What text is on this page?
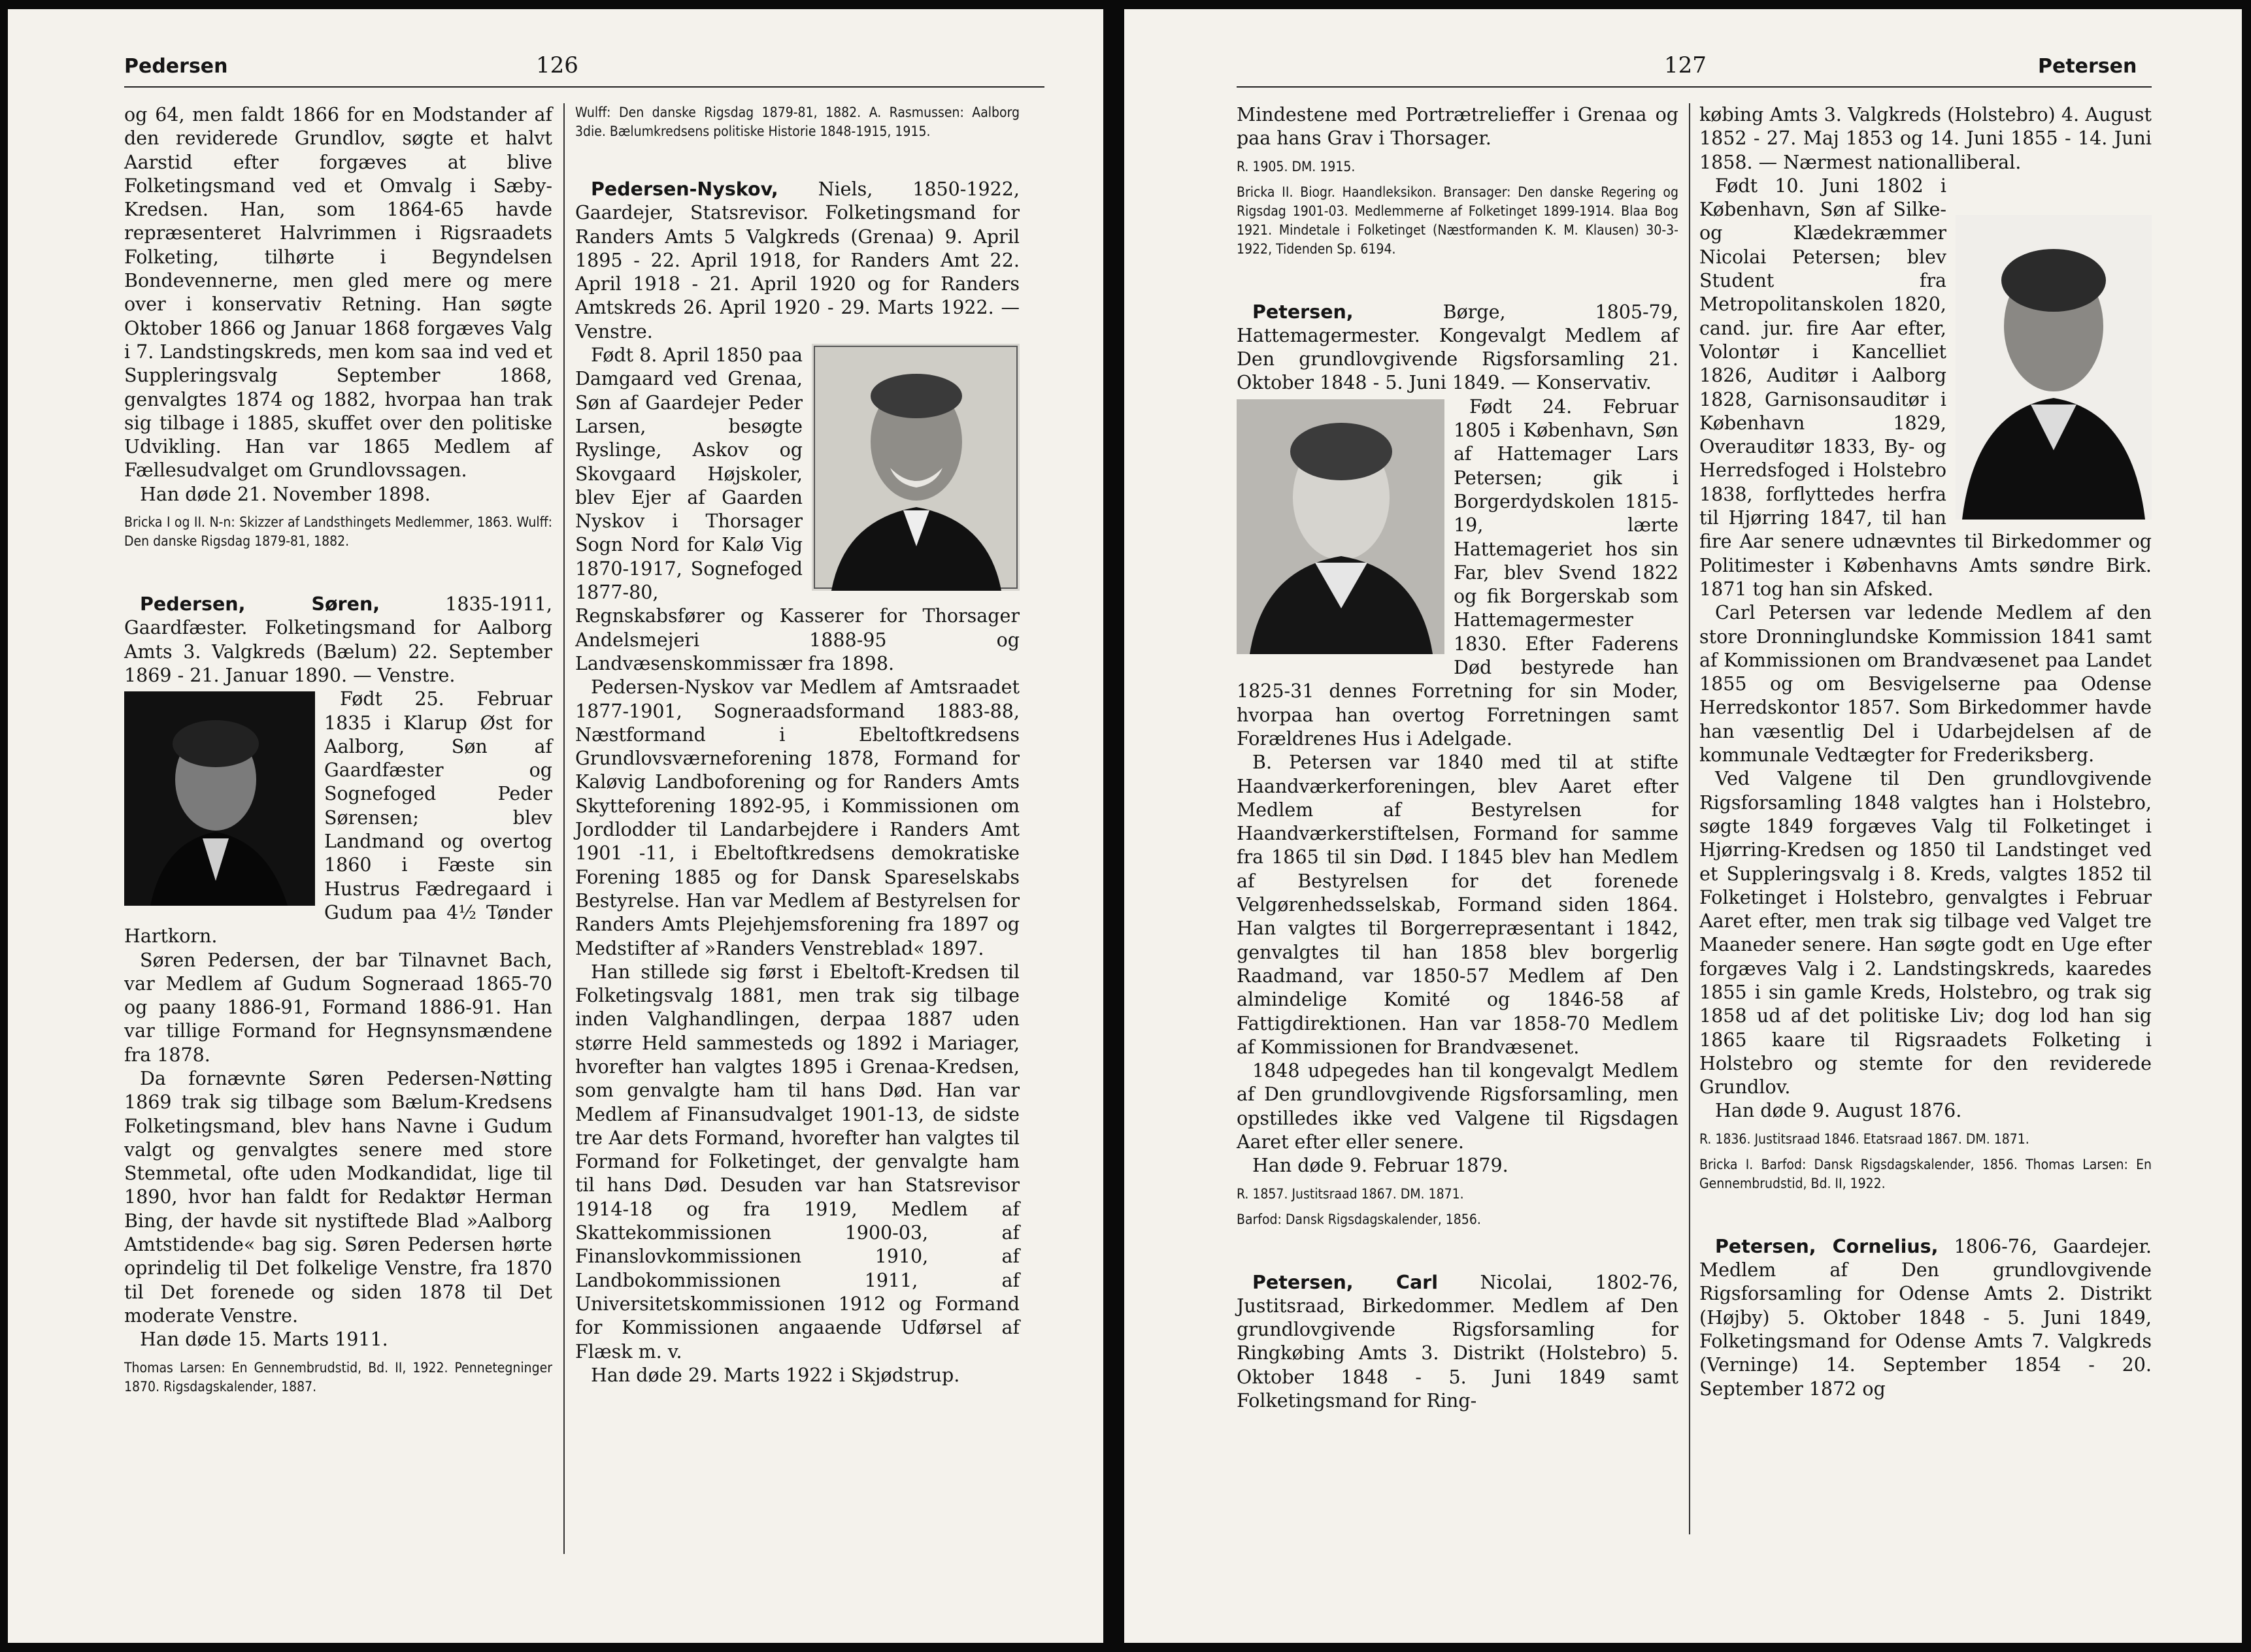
Pedersen	126

og 64, men faldt 1866 for en Modstander af den reviderede Grundlov, søgte et halvt Aarstid efter forgæves at blive Folketingsmand ved et Omvalg i Sæby-Kredsen. Han, som 1864-65 havde repræsenteret Halvrimmen i Rigsraadets Folketing, tilhørte i Begyndelsen Bondevennerne, men gled mere og mere over i konservativ Retning. Han søgte Oktober 1866 og Januar 1868 forgæves Valg i 7. Landstingskreds, men kom saa ind ved et Suppleringsvalg September 1868, genvalgtes 1874 og 1882, hvorpaa han trak sig tilbage i 1885, skuffet over den politiske Udvikling. Han var 1865 Medlem af Fællesudvalget om Grundlovssagen.

Han døde 21. November 1898.

Bricka I og II. N-n: Skizzer af Landsthingets Medlemmer, 1863. Wulff: Den danske Rigsdag 1879-81, 1882.

Pedersen, Søren, 1835-1911, Gaardfæster. Folketingsmand for Aalborg Amts 3. Valgkreds (Bælum) 22. September 1869 - 21. Januar 1890. — Venstre.

Født 25. Februar 1835 i Klarup Øst for Aalborg, Søn af Gaardfæster og Sognefoged Peder Sørensen; blev Landmand og overtog 1860 i Fæste sin Hustrus Fædregaard i Gudum paa 4½ Tønder Hartkorn.

Søren Pedersen, der bar Tilnavnet Bach, var Medlem af Gudum Sogneraad 1865-70 og paany 1886-91, Formand 1886-91. Han var tillige Formand for Hegnsynsmændene fra 1878.

Da fornævnte Søren Pedersen-Nøtting 1869 trak sig tilbage som Bælum-Kredsens Folketingsmand, blev hans Navne i Gudum valgt og genvalgtes senere med store Stemmetal, ofte uden Modkandidat, lige til 1890, hvor han faldt for Redaktør Herman Bing, der havde sit nystiftede Blad »Aalborg Amtstidende« bag sig. Søren Pedersen hørte oprindelig til Det folkelige Venstre, fra 1870 til Det forenede og siden 1878 til Det moderate Venstre.

Han døde 15. Marts 1911.

Thomas Larsen: En Gennembrudstid, Bd. II, 1922. Pennetegninger 1870. Rigsdagskalender, 1887.

Wulff: Den danske Rigsdag 1879-81, 1882. A. Rasmussen: Aalborg 3die. Bælumkredsens politiske Historie 1848-1915, 1915.

Pedersen-Nyskov, Niels, 1850-1922, Gaardejer, Statsrevisor. Folketingsmand for Randers Amts 5 Valgkreds (Grenaa) 9. April 1895 - 22. April 1918, for Randers Amt 22. April 1918 - 21. April 1920 og for Randers Amtskreds 26. April 1920 - 29. Marts 1922. — Venstre.

Født 8. April 1850 paa Damgaard ved Grenaa, Søn af Gaardejer Peder Larsen, besøgte Ryslinge, Askov og Skovgaard Højskoler, blev Ejer af Gaarden Nyskov i Thorsager Sogn Nord for Kalø Vig 1870-1917, Sognefoged 1877-80, Regnskabsfører og Kasserer for Thorsager Andelsmejeri 1888-95 og Landvæsenskommissær fra 1898.

Pedersen-Nyskov var Medlem af Amtsraadet 1877-1901, Sogneraadsformand 1883-88, Næstformand i Ebeltoftkredsens Grundlovsværneforening 1878, Formand for Kaløvig Landboforening og for Randers Amts Skytteforening 1892-95, i Kommissionen om Jordlodder til Landarbejdere i Randers Amt 1901 -11, i Ebeltoftkredsens demokratiske Forening 1885 og for Dansk Spareselskabs Bestyrelse. Han var Medlem af Bestyrelsen for Randers Amts Plejehjemsforening fra 1897 og Medstifter af »Randers Venstreblad« 1897.

Han stillede sig først i Ebeltoft-Kredsen til Folketingsvalg 1881, men trak sig tilbage inden Valghandlingen, derpaa 1887 uden større Held sammesteds og 1892 i Mariager, hvorefter han valgtes 1895 i Grenaa-Kredsen, som genvalgte ham til hans Død. Han var Medlem af Finansudvalget 1901-13, de sidste tre Aar dets Formand, hvorefter han valgtes til Formand for Folketinget, der genvalgte ham til hans Død. Desuden var han Statsrevisor 1914-18 og fra 1919, Medlem af Skattekommissionen 1900-03, af Finanslovkommissionen 1910, af Landbokommissionen 1911, af Universitetskommissionen 1912 og Formand for Kommissionen angaaende Udførsel af Flæsk m. v.

Han døde 29. Marts 1922 i Skjødstrup.

127	Petersen

Mindestene med Portrætrelieffer i Grenaa og paa hans Grav i Thorsager.

R. 1905. DM. 1915.

Bricka II. Biogr. Haandleksikon. Bransager: Den danske Regering og Rigsdag 1901-03. Medlemmerne af Folketinget 1899-1914. Blaa Bog 1921. Mindetale i Folketinget (Næstformanden K. M. Klausen) 30-3-1922, Tidenden Sp. 6194.

Petersen, Børge, 1805-79, Hattemagermester. Kongevalgt Medlem af Den grundlovgivende Rigsforsamling 21. Oktober 1848 - 5. Juni 1849. — Konservativ.

Født 24. Februar 1805 i København, Søn af Hattemager Lars Petersen; gik i Borgerdydskolen 1815-19, lærte Hattemageriet hos sin Far, blev Svend 1822 og fik Borgerskab som Hattemagermester 1830. Efter Faderens Død bestyrede han 1825-31 dennes Forretning for sin Moder, hvorpaa han overtog Forretningen samt Forældrenes Hus i Adelgade.

B. Petersen var 1840 med til at stifte Haandværkerforeningen, blev Aaret efter Medlem af Bestyrelsen for Haandværkerstiftelsen, Formand for samme fra 1865 til sin Død. I 1845 blev han Medlem af Bestyrelsen for det forenede Velgørenhedsselskab, Formand siden 1864. Han valgtes til Borgerrepræsentant i 1842, genvalgtes til han 1858 blev borgerlig Raadmand, var 1850-57 Medlem af Den almindelige Komité og 1846-58 af Fattigdirektionen. Han var 1858-70 Medlem af Kommissionen for Brandvæsenet.

1848 udpegedes han til kongevalgt Medlem af Den grundlovgivende Rigsforsamling, men opstilledes ikke ved Valgene til Rigsdagen Aaret efter eller senere.

Han døde 9. Februar 1879.

R. 1857. Justitsraad 1867. DM. 1871.

Barfod: Dansk Rigsdagskalender, 1856.

Petersen, Carl Nicolai, 1802-76, Justitsraad, Birkedommer. Medlem af Den grundlovgivende Rigsforsamling for Ringkøbing Amts 3. Distrikt (Holstebro) 5. Oktober 1848 - 5. Juni 1849 samt Folketingsmand for Ring-

købing Amts 3. Valgkreds (Holstebro) 4. August 1852 - 27. Maj 1853 og 14. Juni 1855 - 14. Juni 1858. — Nærmest nationalliberal.

Født 10. Juni 1802 i København, Søn af Silke- og Klædekræmmer Nicolai Petersen; blev Student fra Metropolitanskolen 1820, cand. jur. fire Aar efter, Volontør i Kancelliet 1826, Auditør i Aalborg 1828, Garnisonsauditør i København 1829, Overauditør 1833, By- og Herredsfoged i Holstebro 1838, forflyttedes herfra til Hjørring 1847, til han fire Aar senere udnævntes til Birkedommer og Politimester i Københavns Amts søndre Birk. 1871 tog han sin Afsked.

Carl Petersen var ledende Medlem af den store Dronninglundske Kommission 1841 samt af Kommissionen om Brandvæsenet paa Landet 1855 og om Besvigelserne paa Odense Herredskontor 1857. Som Birkedommer havde han væsentlig Del i Udarbejdelsen af de kommunale Vedtægter for Frederiksberg.

Ved Valgene til Den grundlovgivende Rigsforsamling 1848 valgtes han i Holstebro, søgte 1849 forgæves Valg til Folketinget i Hjørring-Kredsen og 1850 til Landstinget ved et Suppleringsvalg i 8. Kreds, valgtes 1852 til Folketinget i Holstebro, genvalgtes i Februar Aaret efter, men trak sig tilbage ved Valget tre Maaneder senere. Han søgte godt en Uge efter forgæves Valg i 2. Landstingskreds, kaaredes 1855 i sin gamle Kreds, Holstebro, og trak sig 1858 ud af det politiske Liv; dog lod han sig 1865 kaare til Rigsraadets Folketing i Holstebro og stemte for den reviderede Grundlov.

Han døde 9. August 1876.

R. 1836. Justitsraad 1846. Etatsraad 1867. DM. 1871.

Bricka I. Barfod: Dansk Rigsdagskalender, 1856. Thomas Larsen: En Gennembrudstid, Bd. II, 1922.

Petersen, Cornelius, 1806-76, Gaardejer. Medlem af Den grundlovgivende Rigsforsamling for Odense Amts 2. Distrikt (Højby) 5. Oktober 1848 - 5. Juni 1849, Folketingsmand for Odense Amts 7. Valgkreds (Verninge) 14. September 1854 - 20. September 1872 og
